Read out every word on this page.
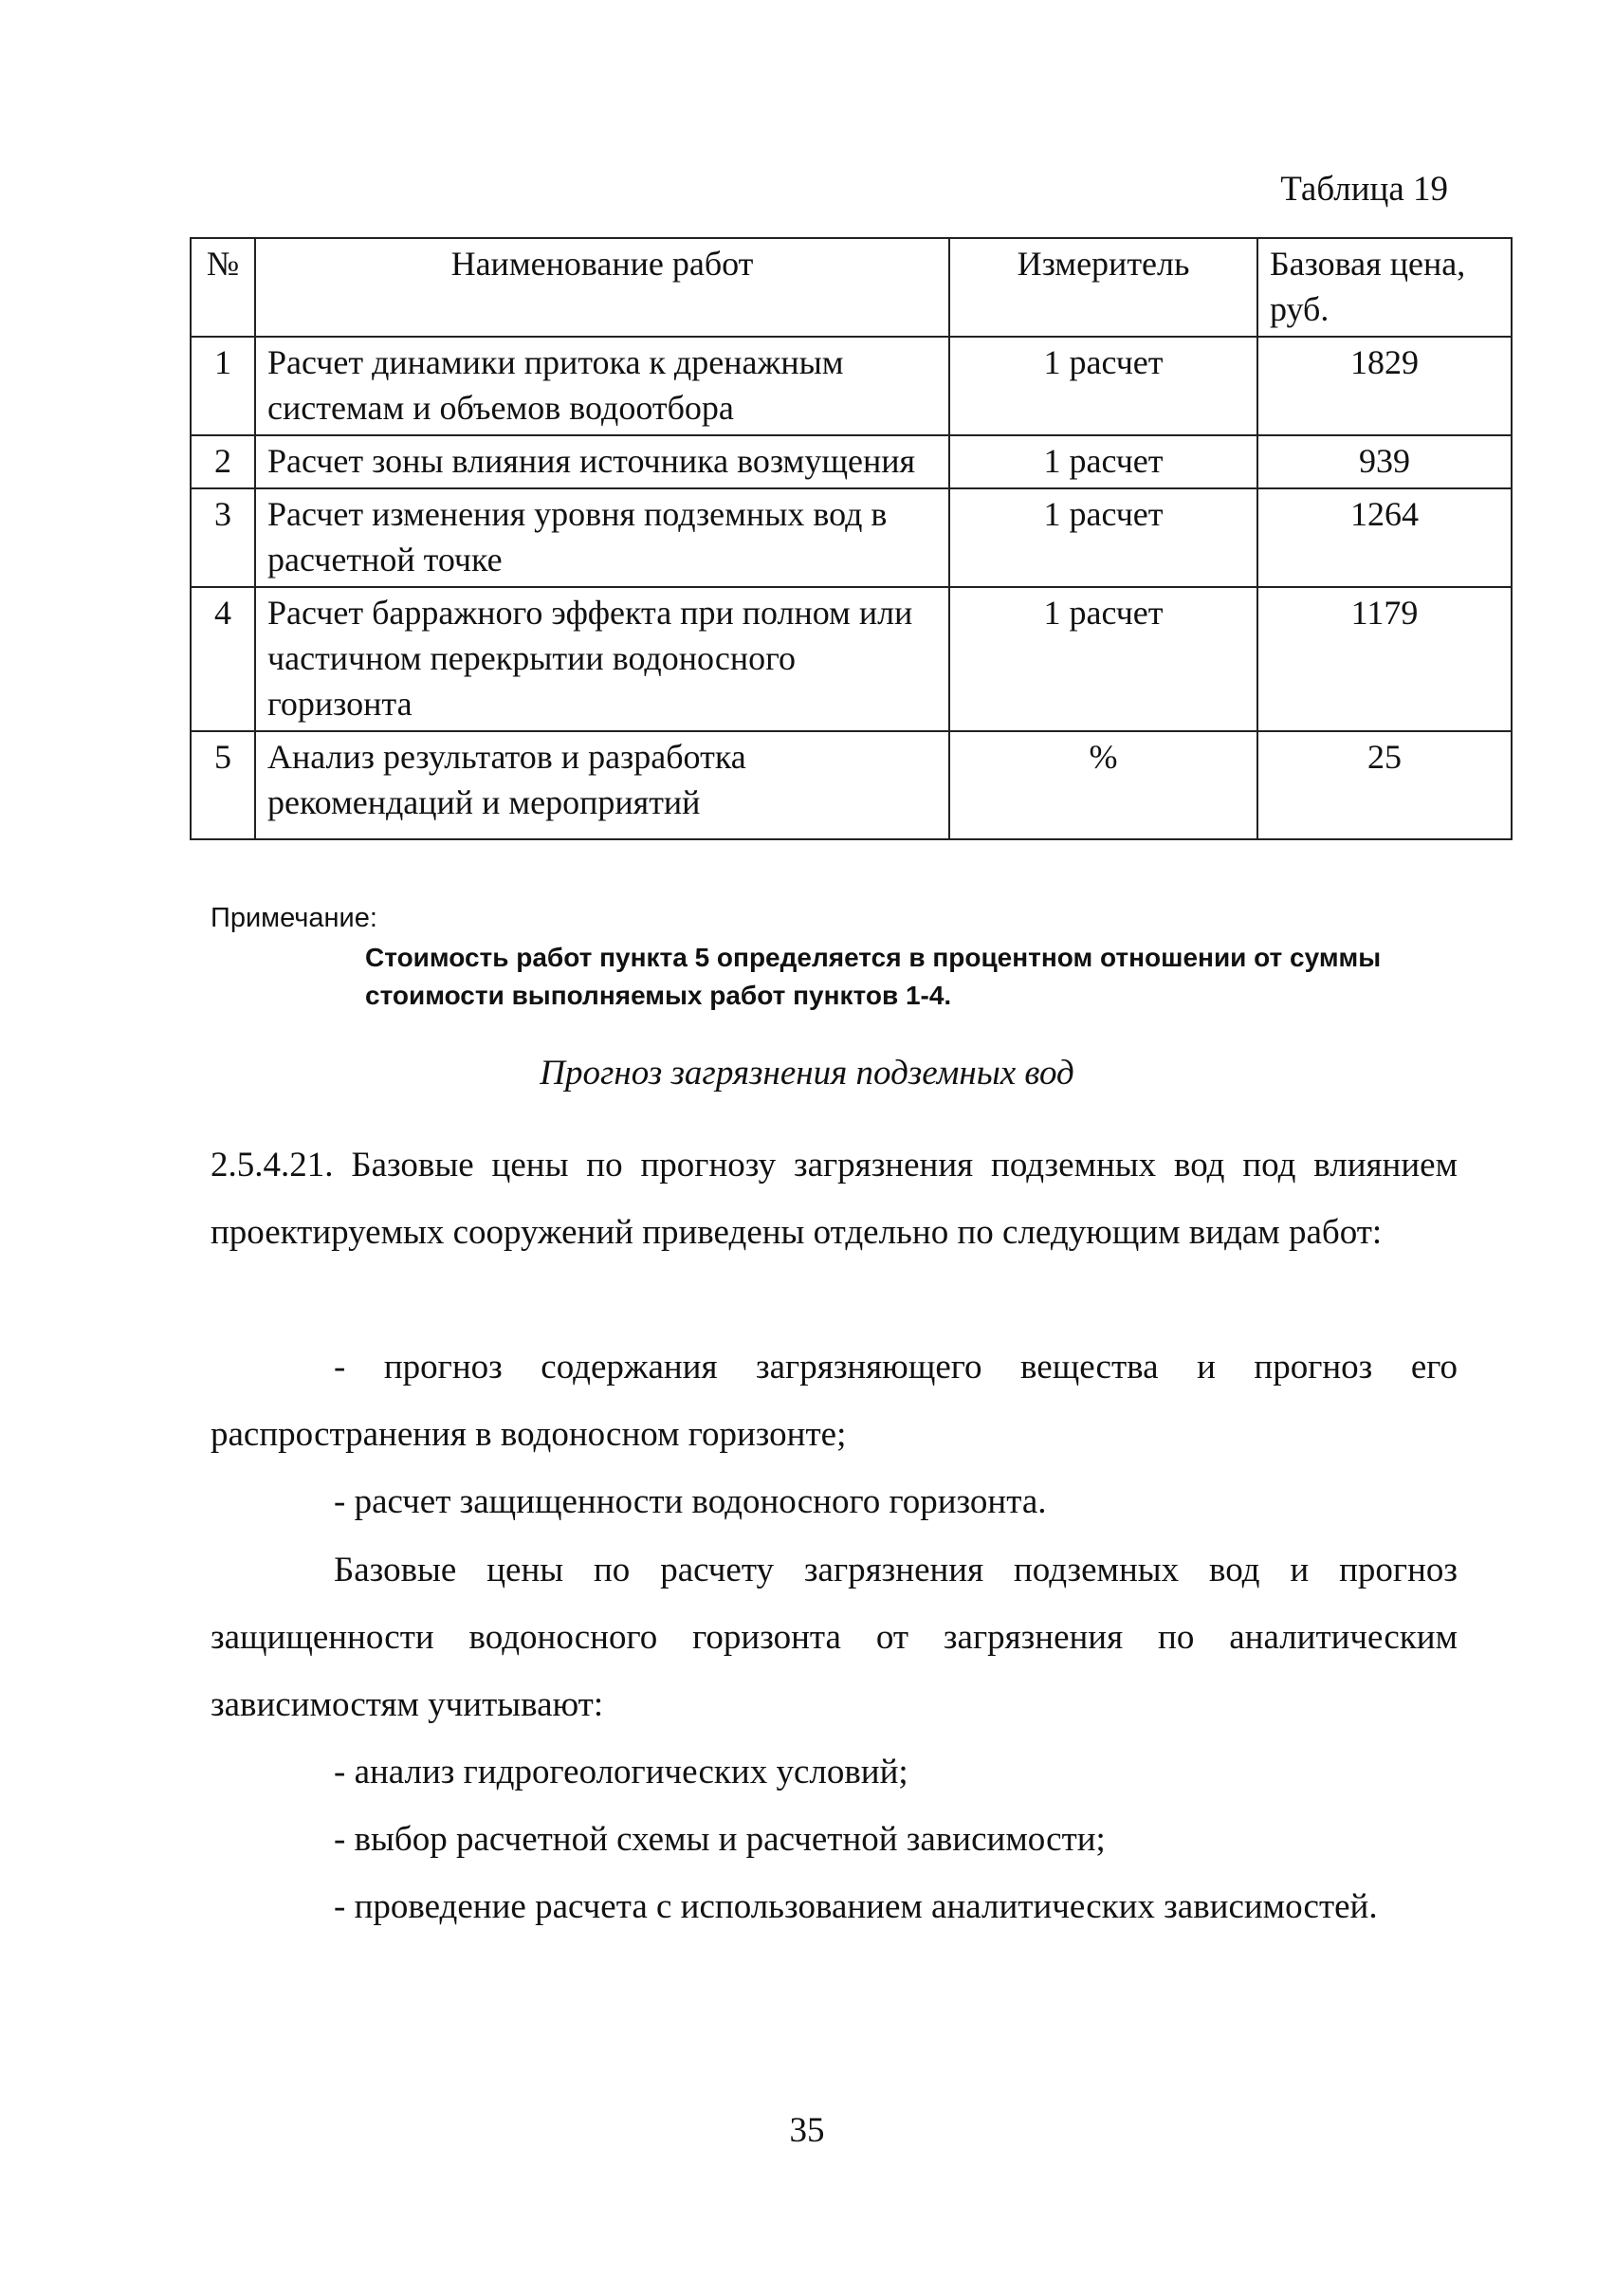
Таблица 19
№	Наименование работ	Измеритель	Базовая цена, руб.
1	Расчет динамики притока к дренажным системам и объемов водоотбора	1 расчет	1829
2	Расчет зоны влияния источника возмущения	1 расчет	939
3	Расчет изменения уровня подземных вод в расчетной точке	1 расчет	1264
4	Расчет барражного эффекта при полном или частичном перекрытии водоносного горизонта	1 расчет	1179
5	Анализ результатов и разработка рекомендаций и мероприятий	%	25
Примечание:
Стоимость работ пункта 5 определяется в процентном отношении от суммы стоимости выполняемых работ пунктов 1-4.
Прогноз загрязнения подземных вод
2.5.4.21. Базовые цены по прогнозу загрязнения подземных вод под влиянием проектируемых сооружений приведены отдельно по следующим видам работ:
- прогноз содержания загрязняющего вещества и прогноз его распространения в водоносном горизонте;
- расчет защищенности водоносного горизонта.
Базовые цены по расчету загрязнения подземных вод и прогноз защищенности водоносного горизонта от загрязнения по аналитическим зависимостям учитывают:
- анализ гидрогеологических условий;
- выбор расчетной схемы и расчетной зависимости;
- проведение расчета с использованием аналитических зависимостей.
35
